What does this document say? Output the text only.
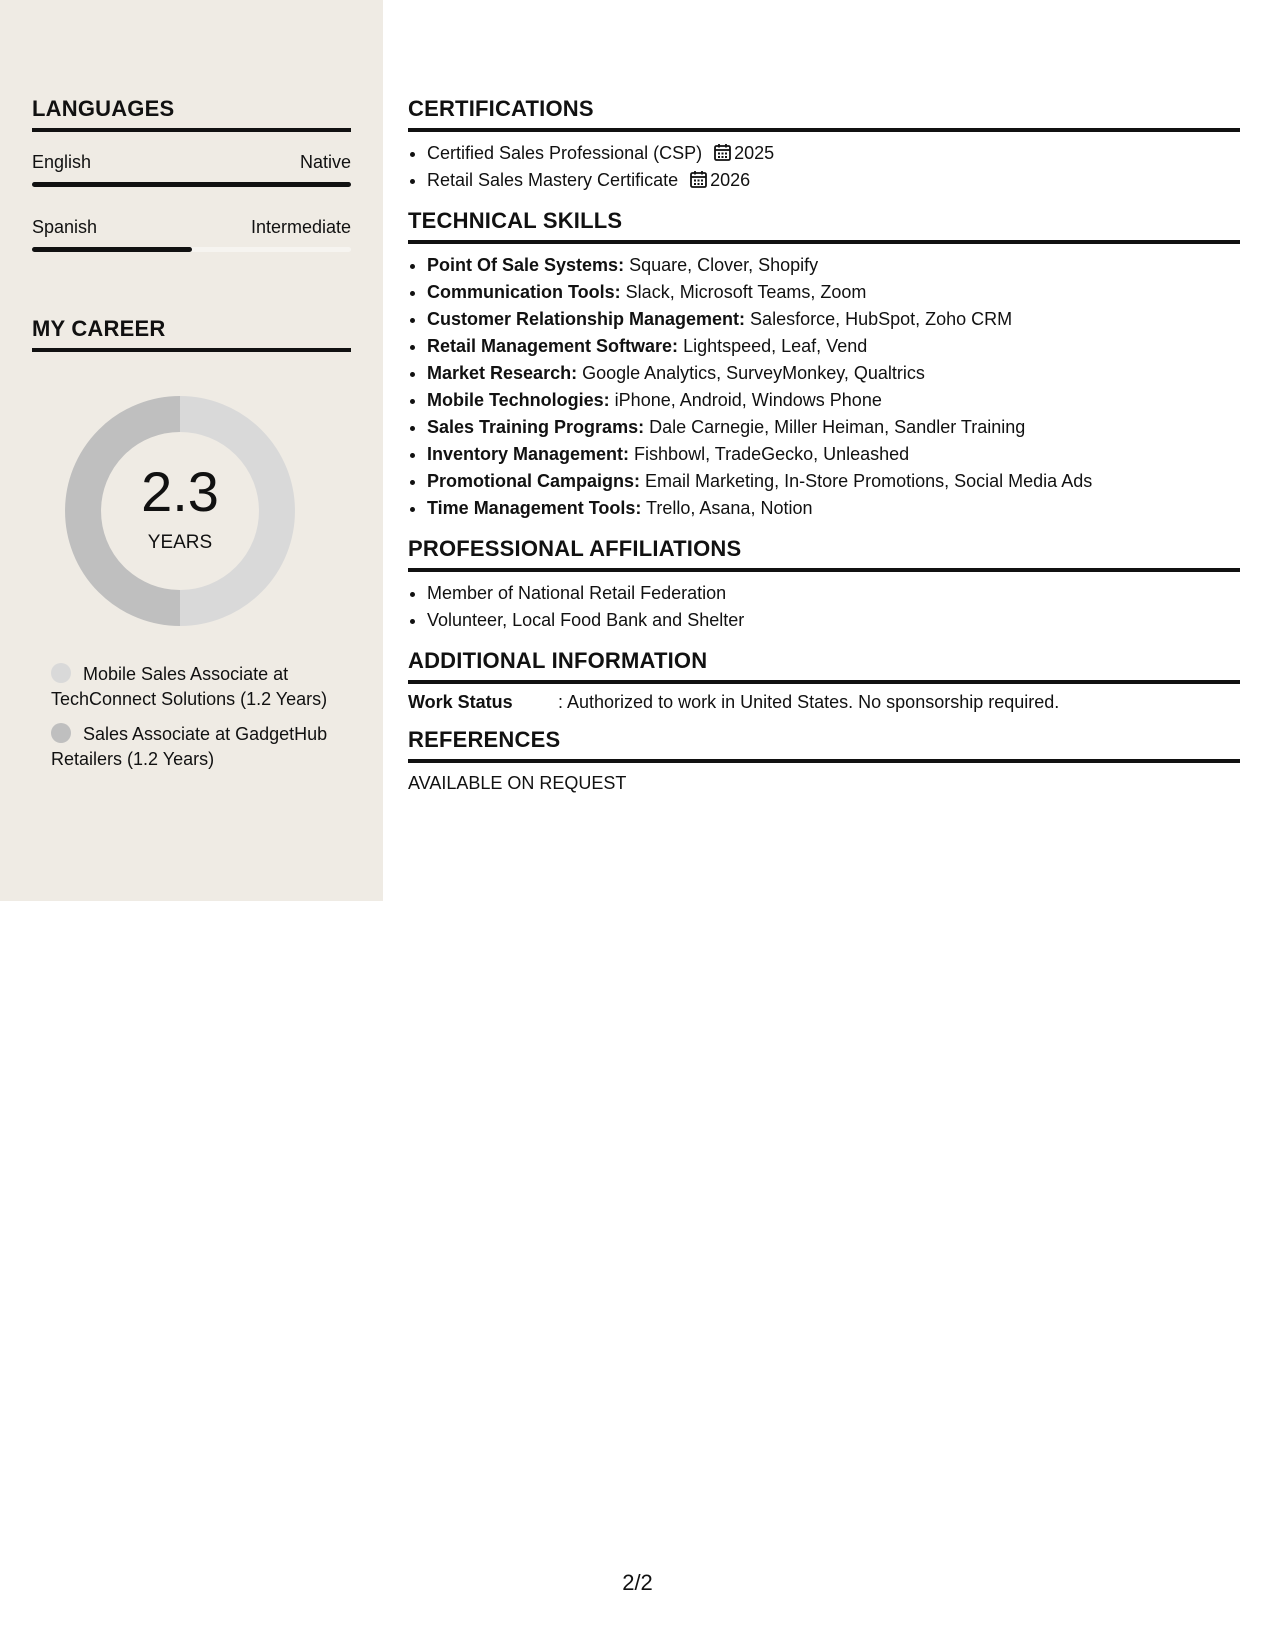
LANGUAGES
English	Native
Spanish	Intermediate
MY CAREER
2.3
YEARS
Mobile Sales Associate at TechConnect Solutions (1.2 Years)
Sales Associate at GadgetHub Retailers (1.2 Years)
CERTIFICATIONS
• Certified Sales Professional (CSP) 2025
• Retail Sales Mastery Certificate 2026
TECHNICAL SKILLS
• Point Of Sale Systems: Square, Clover, Shopify
• Communication Tools: Slack, Microsoft Teams, Zoom
• Customer Relationship Management: Salesforce, HubSpot, Zoho CRM
• Retail Management Software: Lightspeed, Leaf, Vend
• Market Research: Google Analytics, SurveyMonkey, Qualtrics
• Mobile Technologies: iPhone, Android, Windows Phone
• Sales Training Programs: Dale Carnegie, Miller Heiman, Sandler Training
• Inventory Management: Fishbowl, TradeGecko, Unleashed
• Promotional Campaigns: Email Marketing, In-Store Promotions, Social Media Ads
• Time Management Tools: Trello, Asana, Notion
PROFESSIONAL AFFILIATIONS
• Member of National Retail Federation
• Volunteer, Local Food Bank and Shelter
ADDITIONAL INFORMATION
Work Status	: Authorized to work in United States. No sponsorship required.
REFERENCES
AVAILABLE ON REQUEST
2/2
